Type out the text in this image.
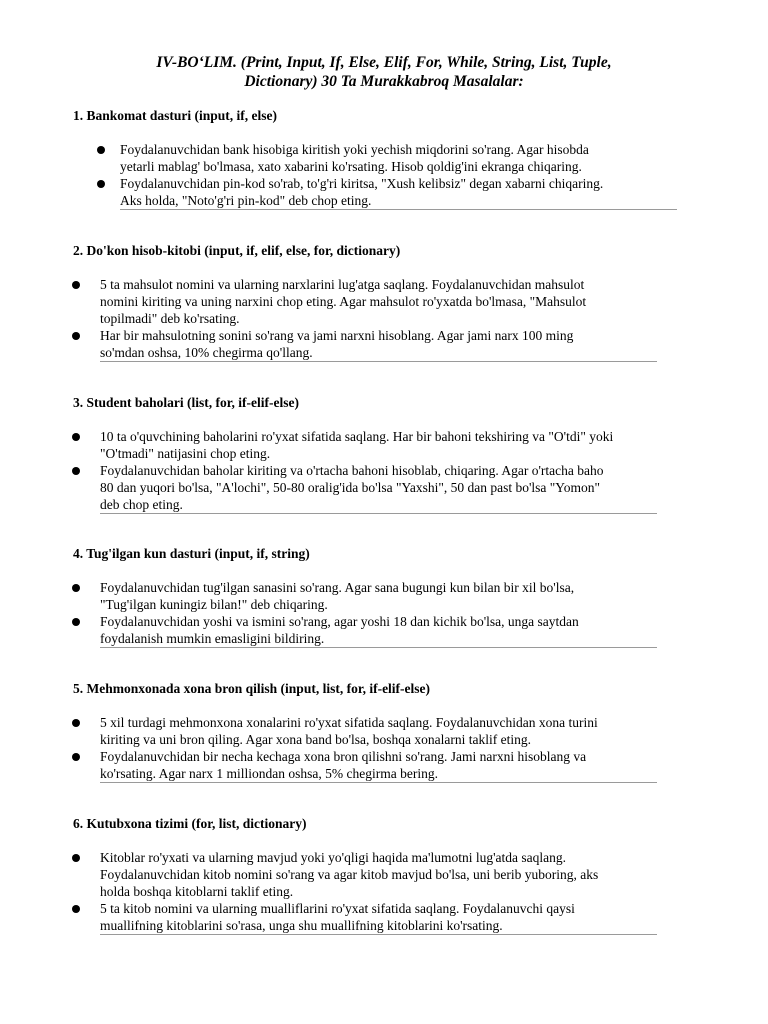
IV-BO‘LIM. (Print, Input, If, Else, Elif, For, While, String, List, Tuple,
Dictionary) 30 Ta Murakkabroq Masalalar:
1. Bankomat dasturi (input, if, else)
Foydalanuvchidan bank hisobiga kiritish yoki yechish miqdorini so'rang. Agar hisobda
yetarli mablag' bo'lmasa, xato xabarini ko'rsating. Hisob qoldig'ini ekranga chiqaring.
Foydalanuvchidan pin-kod so'rab, to'g'ri kiritsa, "Xush kelibsiz" degan xabarni chiqaring.
Aks holda, "Noto'g'ri pin-kod" deb chop eting.
2. Do'kon hisob-kitobi (input, if, elif, else, for, dictionary)
5 ta mahsulot nomini va ularning narxlarini lug'atga saqlang. Foydalanuvchidan mahsulot
nomini kiriting va uning narxini chop eting. Agar mahsulot ro'yxatda bo'lmasa, "Mahsulot
topilmadi" deb ko'rsating.
Har bir mahsulotning sonini so'rang va jami narxni hisoblang. Agar jami narx 100 ming
so'mdan oshsa, 10% chegirma qo'llang.
3. Student baholari (list, for, if-elif-else)
10 ta o'quvchining baholarini ro'yxat sifatida saqlang. Har bir bahoni tekshiring va "O'tdi" yoki
"O'tmadi" natijasini chop eting.
Foydalanuvchidan baholar kiriting va o'rtacha bahoni hisoblab, chiqaring. Agar o'rtacha baho
80 dan yuqori bo'lsa, "A'lochi", 50-80 oralig'ida bo'lsa "Yaxshi", 50 dan past bo'lsa "Yomon"
deb chop eting.
4. Tug'ilgan kun dasturi (input, if, string)
Foydalanuvchidan tug'ilgan sanasini so'rang. Agar sana bugungi kun bilan bir xil bo'lsa,
"Tug'ilgan kuningiz bilan!" deb chiqaring.
Foydalanuvchidan yoshi va ismini so'rang, agar yoshi 18 dan kichik bo'lsa, unga saytdan
foydalanish mumkin emasligini bildiring.
5. Mehmonxonada xona bron qilish (input, list, for, if-elif-else)
5 xil turdagi mehmonxona xonalarini ro'yxat sifatida saqlang. Foydalanuvchidan xona turini
kiriting va uni bron qiling. Agar xona band bo'lsa, boshqa xonalarni taklif eting.
Foydalanuvchidan bir necha kechaga xona bron qilishni so'rang. Jami narxni hisoblang va
ko'rsating. Agar narx 1 milliondan oshsa, 5% chegirma bering.
6. Kutubxona tizimi (for, list, dictionary)
Kitoblar ro'yxati va ularning mavjud yoki yo'qligi haqida ma'lumotni lug'atda saqlang.
Foydalanuvchidan kitob nomini so'rang va agar kitob mavjud bo'lsa, uni berib yuboring, aks
holda boshqa kitoblarni taklif eting.
5 ta kitob nomini va ularning mualliflarini ro'yxat sifatida saqlang. Foydalanuvchi qaysi
muallifning kitoblarini so'rasa, unga shu muallifning kitoblarini ko'rsating.
